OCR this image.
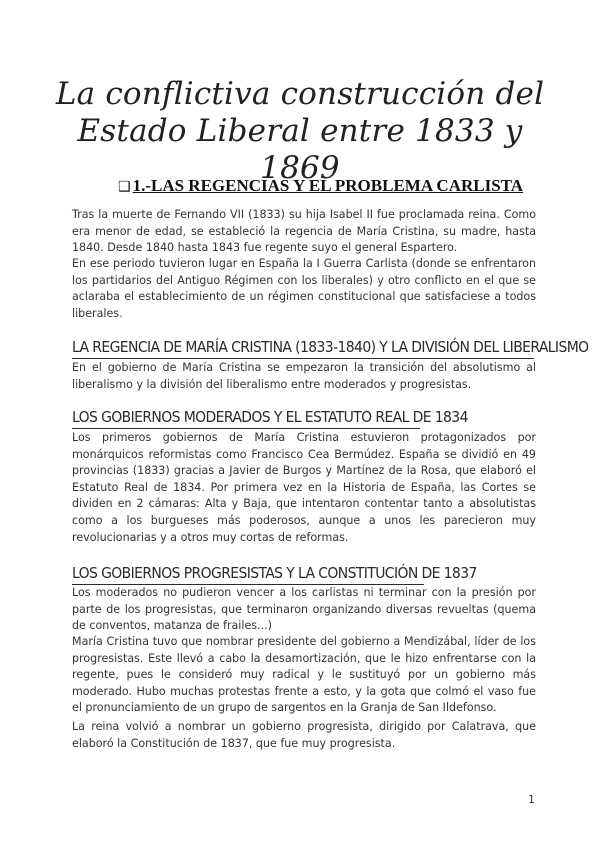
La conflictiva construcción del Estado Liberal entre 1833 y 1869
❑ 1.-LAS REGENCIAS Y EL PROBLEMA CARLISTA

Tras la muerte de Fernando VII (1833) su hija Isabel II fue proclamada reina. Como era menor de edad, se estableció la regencia de María Cristina, su madre, hasta 1840. Desde 1840 hasta 1843 fue regente suyo el general Espartero.

En ese periodo tuvieron lugar en España la I Guerra Carlista (donde se enfrentaron los partidarios del Antiguo Régimen con los liberales) y otro conflicto en el que se aclaraba el establecimiento de un régimen constitucional que satisfaciese a todos liberales.

LA REGENCIA DE MARÍA CRISTINA (1833-1840) Y LA DIVISIÓN DEL LIBERALISMO

En el gobierno de María Cristina se empezaron la transición del absolutismo al liberalismo y la división del liberalismo entre moderados y progresistas.

LOS GOBIERNOS MODERADOS Y EL ESTATUTO REAL DE 1834

Los primeros gobiernos de María Cristina estuvieron protagonizados por monárquicos reformistas como Francisco Cea Bermúdez. España se dividió en 49 provincias (1833) gracias a Javier de Burgos y Martínez de la Rosa, que elaboró el Estatuto Real de 1834. Por primera vez en la Historia de España, las Cortes se dividen en 2 cámaras: Alta y Baja, que intentaron contentar tanto a absolutistas como a los burgueses más poderosos, aunque a unos les parecieron muy revolucionarias y a otros muy cortas de reformas.

LOS GOBIERNOS PROGRESISTAS Y LA CONSTITUCIÓN DE 1837

Los moderados no pudieron vencer a los carlistas ni terminar con la presión por parte de los progresistas, que terminaron organizando diversas revueltas (quema de conventos, matanza de frailes...)

María Cristina tuvo que nombrar presidente del gobierno a Mendizábal, líder de los progresistas. Este llevó a cabo la desamortización, que le hizo enfrentarse con la regente, pues le consideró muy radical y le sustituyó por un gobierno más moderado. Hubo muchas protestas frente a esto, y la gota que colmó el vaso fue el pronunciamiento de un grupo de sargentos en la Granja de San Ildefonso.

La reina volvió a nombrar un gobierno progresista, dirigido por Calatrava, que elaboró la Constitución de 1837, que fue muy progresista.

1
